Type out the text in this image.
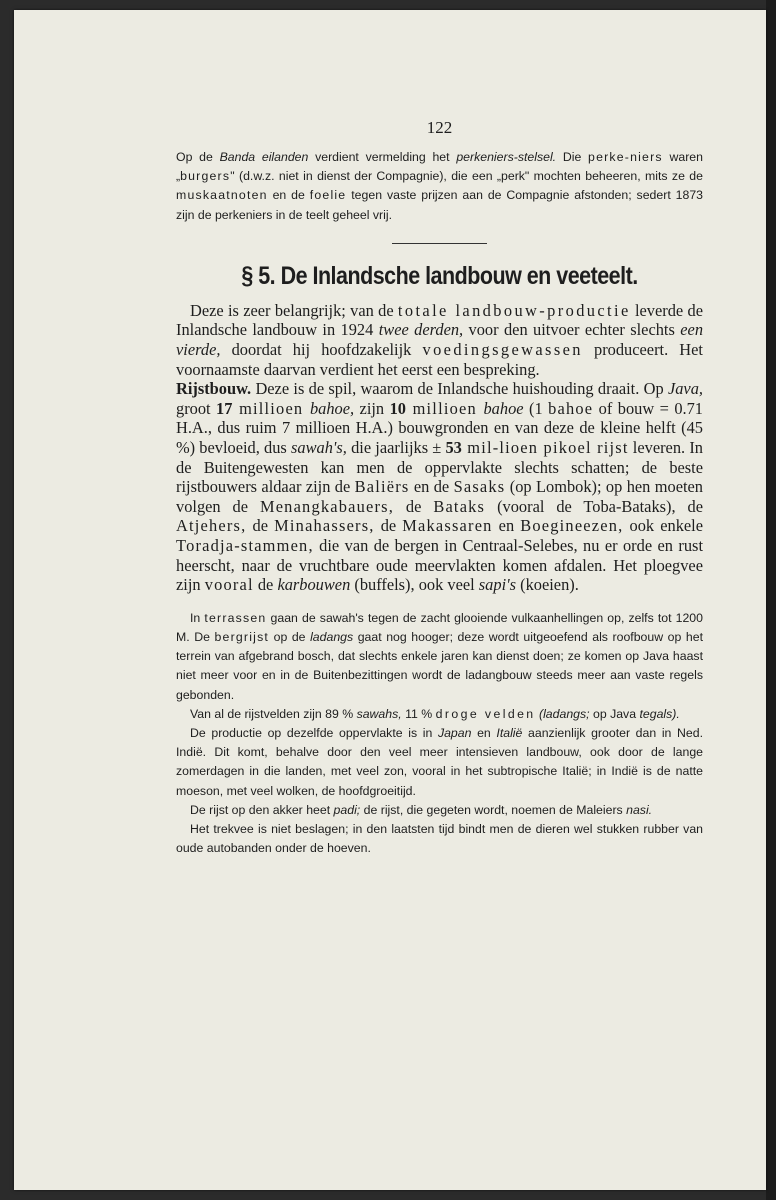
122

Op de Banda eilanden verdient vermelding het perkeniers-stelsel. Die perke-niers waren „burgers" (d.w.z. niet in dienst der Compagnie), die een „perk" mochten beheeren, mits ze de muskaatnoten en de foelie tegen vaste prijzen aan de Compagnie afstonden; sedert 1873 zijn de perkeniers in de teelt geheel vrij.

§ 5. De Inlandsche landbouw en veeteelt.

Deze is zeer belangrijk; van de totale landbouw-productie leverde de Inlandsche landbouw in 1924 twee derden, voor den uitvoer echter slechts een vierde, doordat hij hoofdzakelijk voedingsgewassen produceert. Het voornaamste daarvan verdient het eerst een bespreking.

Rijstbouw. Deze is de spil, waarom de Inlandsche huishouding draait. Op Java, groot 17 millioen bahoe, zijn 10 millioen bahoe (1 bahoe of bouw = 0.71 H.A., dus ruim 7 millioen H.A.) bouwgronden en van deze de kleine helft (45 %) bevloeid, dus sawah's, die jaarlijks ± 53 mil-lioen pikoel rijst leveren. In de Buitengewesten kan men de oppervlakte slechts schatten; de beste rijstbouwers aldaar zijn de Baliërs en de Sasaks (op Lombok); op hen moeten volgen de Menangkabauers, de Bataks (vooral de Toba-Bataks), de Atjehers, de Minahassers, de Makassaren en Boegineezen, ook enkele Toradja-stammen, die van de bergen in Centraal-Selebes, nu er orde en rust heerscht, naar de vruchtbare oude meervlakten komen afdalen. Het ploegvee zijn vooral de karbouwen (buffels), ook veel sapi's (koeien).

In terrassen gaan de sawah's tegen de zacht glooiende vulkaanhellingen op, zelfs tot 1200 M. De bergrijst op de ladangs gaat nog hooger; deze wordt uitgeoefend als roofbouw op het terrein van afgebrand bosch, dat slechts enkele jaren kan dienst doen; ze komen op Java haast niet meer voor en in de Buitenbezittingen wordt de ladangbouw steeds meer aan vaste regels gebonden.

Van al de rijstvelden zijn 89 % sawahs, 11 % droge velden (ladangs; op Java tegals).

De productie op dezelfde oppervlakte is in Japan en Italië aanzienlijk grooter dan in Ned. Indië. Dit komt, behalve door den veel meer intensieven landbouw, ook door de lange zomerdagen in die landen, met veel zon, vooral in het subtropische Italië; in Indië is de natte moeson, met veel wolken, de hoofdgroeitijd.

De rijst op den akker heet padi; de rijst, die gegeten wordt, noemen de Maleiers nasi.

Het trekvee is niet beslagen; in den laatsten tijd bindt men de dieren wel stukken rubber van oude autobanden onder de hoeven.
